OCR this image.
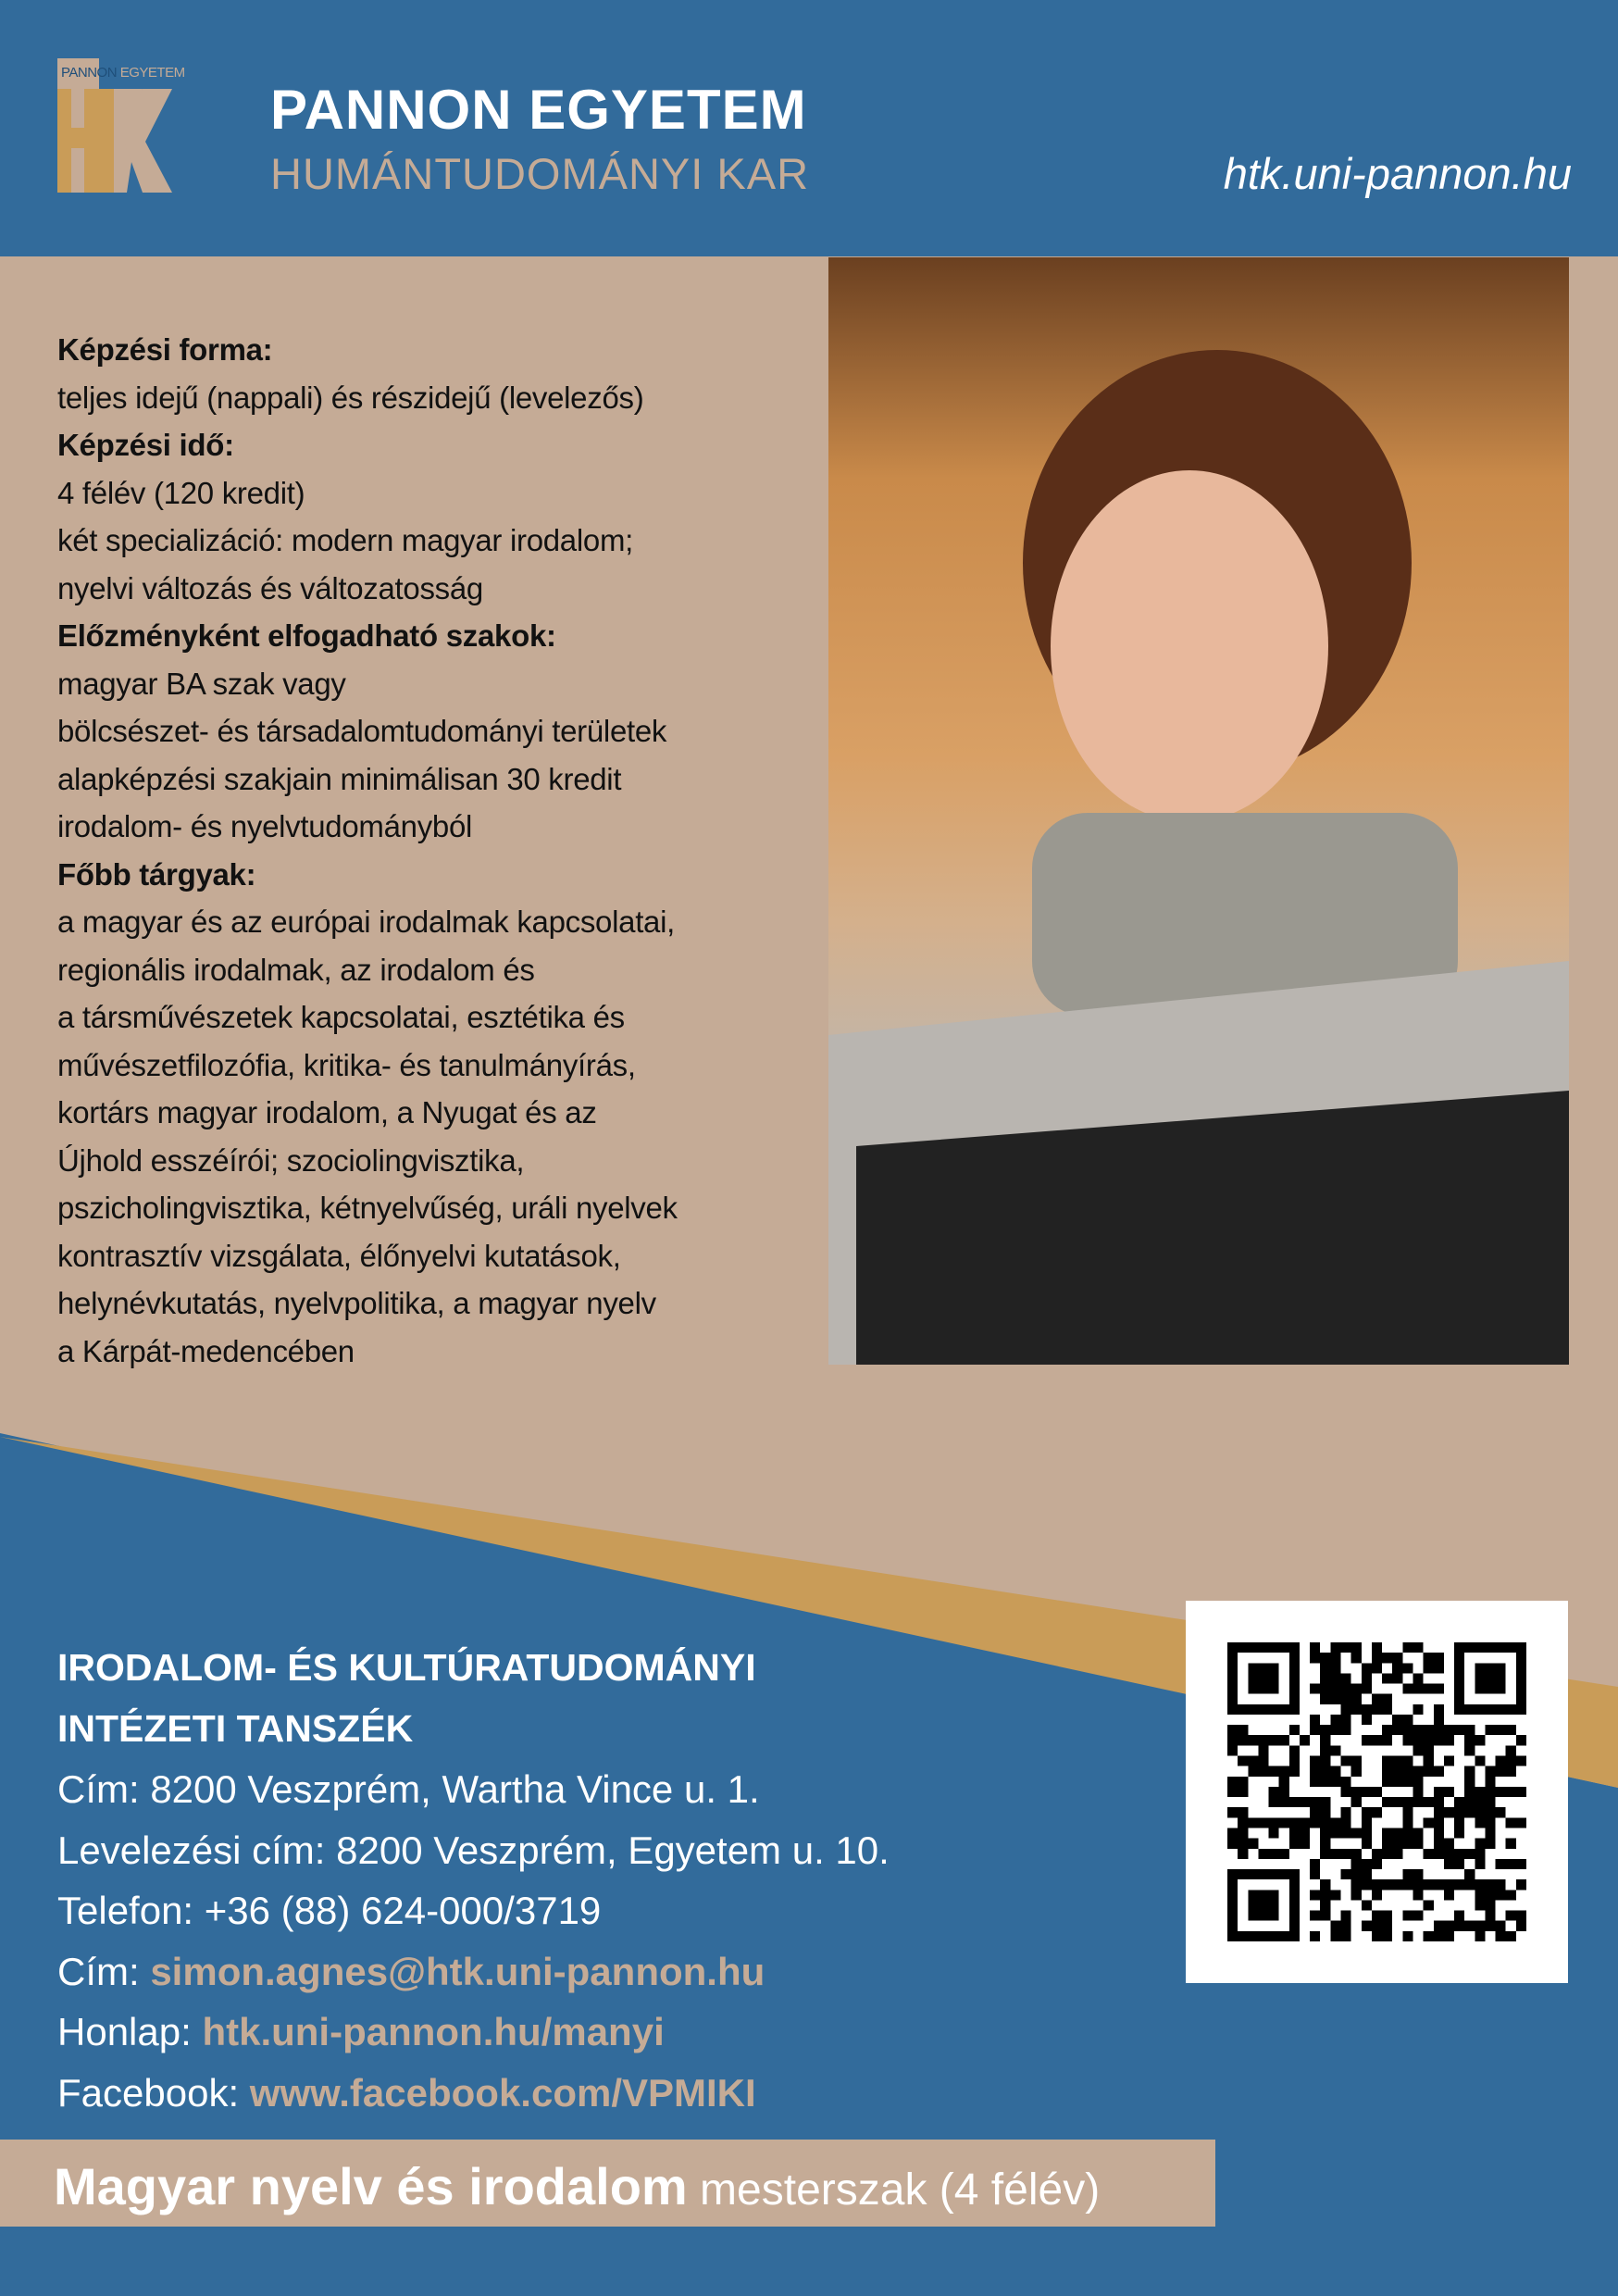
PANNON EGYETEM
PANNON EGYETEM
HUMÁNTUDOMÁNYI KAR	htk.uni-pannon.hu
Képzési forma:
teljes idejű (nappali) és részidejű (levelezős)
Képzési idő:
4 félév (120 kredit)
két specializáció: modern magyar irodalom;
nyelvi változás és változatosság
Előzményként elfogadható szakok:
magyar BA szak vagy
bölcsészet- és társadalomtudományi területek
alapképzési szakjain minimálisan 30 kredit
irodalom- és nyelvtudományból
Főbb tárgyak:
a magyar és az európai irodalmak kapcsolatai,
regionális irodalmak, az irodalom és
a társművészetek kapcsolatai, esztétika és
művészetfilozófia, kritika- és tanulmányírás,
kortárs magyar irodalom, a Nyugat és az
Újhold esszéírói; szociolingvisztika,
pszicholingvisztika, kétnyelvűség, uráli nyelvek
kontrasztív vizsgálata, élőnyelvi kutatások,
helynévkutatás, nyelvpolitika, a magyar nyelv
a Kárpát-medencében
IRODALOM- ÉS KULTÚRATUDOMÁNYI
INTÉZETI TANSZÉK
Cím: 8200 Veszprém, Wartha Vince u. 1.
Levelezési cím: 8200 Veszprém, Egyetem u. 10.
Telefon: +36 (88) 624-000/3719
Cím: simon.agnes@htk.uni-pannon.hu
Honlap: htk.uni-pannon.hu/manyi
Facebook: www.facebook.com/VPMIKI
Magyar nyelv és irodalom mesterszak (4 félév)
